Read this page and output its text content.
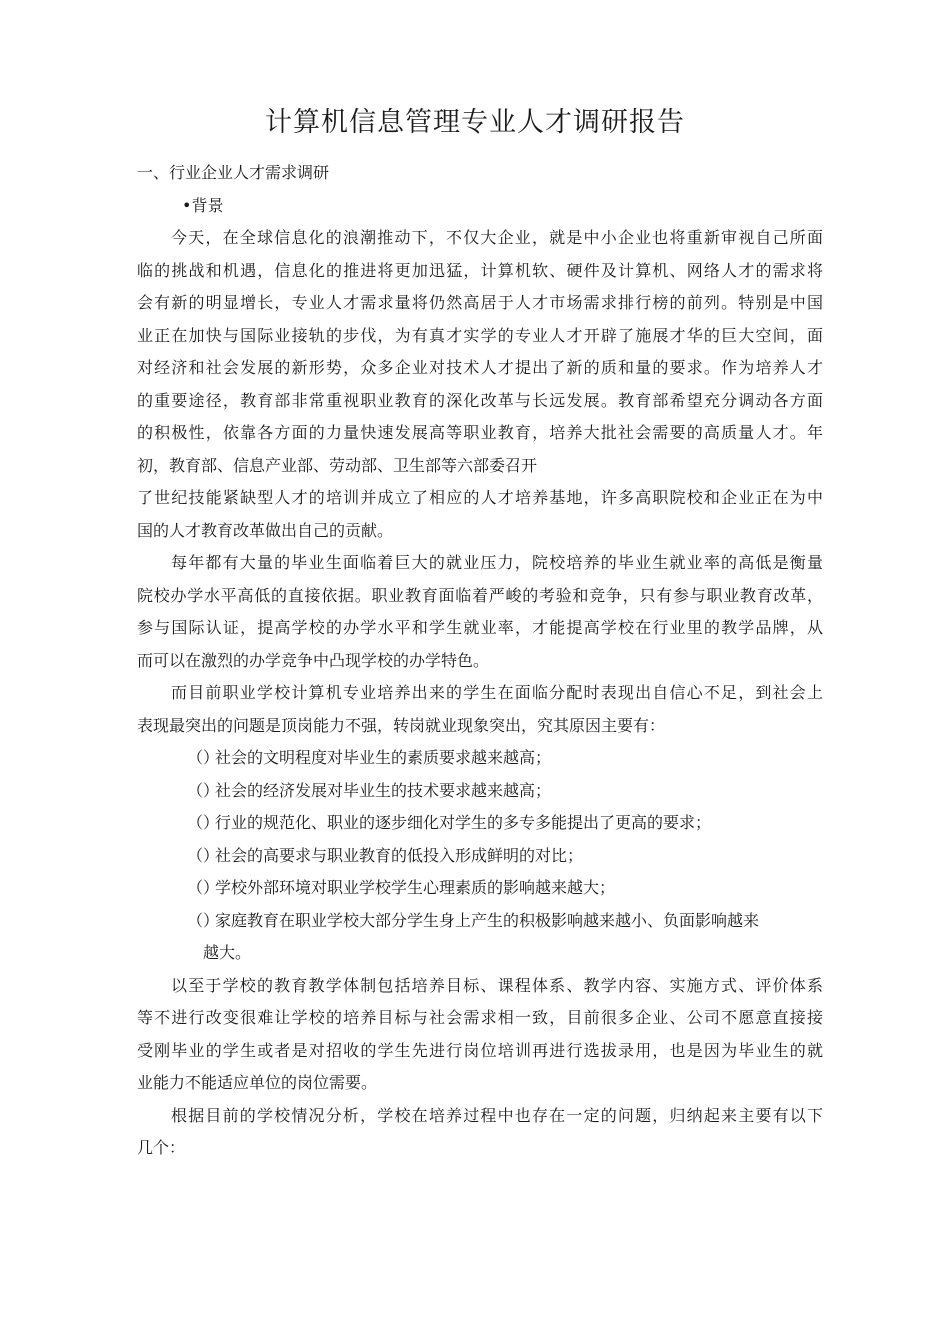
计算机信息管理专业人才调研报告
一、行业企业人才需求调研
•背景
今天，在全球信息化的浪潮推动下，不仅大企业，就是中小企业也将重新审视自己所面
临的挑战和机遇，信息化的推进将更加迅猛，计算机软、硬件及计算机、网络人才的需求将
会有新的明显增长，专业人才需求量将仍然高居于人才市场需求排行榜的前列。特别是中国
业正在加快与国际业接轨的步伐，为有真才实学的专业人才开辟了施展才华的巨大空间，面
对经济和社会发展的新形势，众多企业对技术人才提出了新的质和量的要求。作为培养人才
的重要途径，教育部非常重视职业教育的深化改革与长远发展。教育部希望充分调动各方面
的积极性，依靠各方面的力量快速发展高等职业教育，培养大批社会需要的高质量人才。年
初，教育部、信息产业部、劳动部、卫生部等六部委召开
了世纪技能紧缺型人才的培训并成立了相应的人才培养基地，许多高职院校和企业正在为中
国的人才教育改革做出自己的贡献。
每年都有大量的毕业生面临着巨大的就业压力，院校培养的毕业生就业率的高低是衡量
院校办学水平高低的直接依据。职业教育面临着严峻的考验和竞争，只有参与职业教育改革，
参与国际认证，提高学校的办学水平和学生就业率，才能提高学校在行业里的教学品牌，从
而可以在激烈的办学竞争中凸现学校的办学特色。
而目前职业学校计算机专业培养出来的学生在面临分配时表现出自信心不足，到社会上
表现最突出的问题是顶岗能力不强，转岗就业现象突出，究其原因主要有：
（）社会的文明程度对毕业生的素质要求越来越高；
（）社会的经济发展对毕业生的技术要求越来越高；
（）行业的规范化、职业的逐步细化对学生的多专多能提出了更高的要求；
（）社会的高要求与职业教育的低投入形成鲜明的对比；
（）学校外部环境对职业学校学生心理素质的影响越来越大；
（）家庭教育在职业学校大部分学生身上产生的积极影响越来越小、负面影响越来
越大。
以至于学校的教育教学体制包括培养目标、课程体系、教学内容、实施方式、评价体系
等不进行改变很难让学校的培养目标与社会需求相一致，目前很多企业、公司不愿意直接接
受刚毕业的学生或者是对招收的学生先进行岗位培训再进行选拔录用，也是因为毕业生的就
业能力不能适应单位的岗位需要。
根据目前的学校情况分析，学校在培养过程中也存在一定的问题，归纳起来主要有以下
几个：
